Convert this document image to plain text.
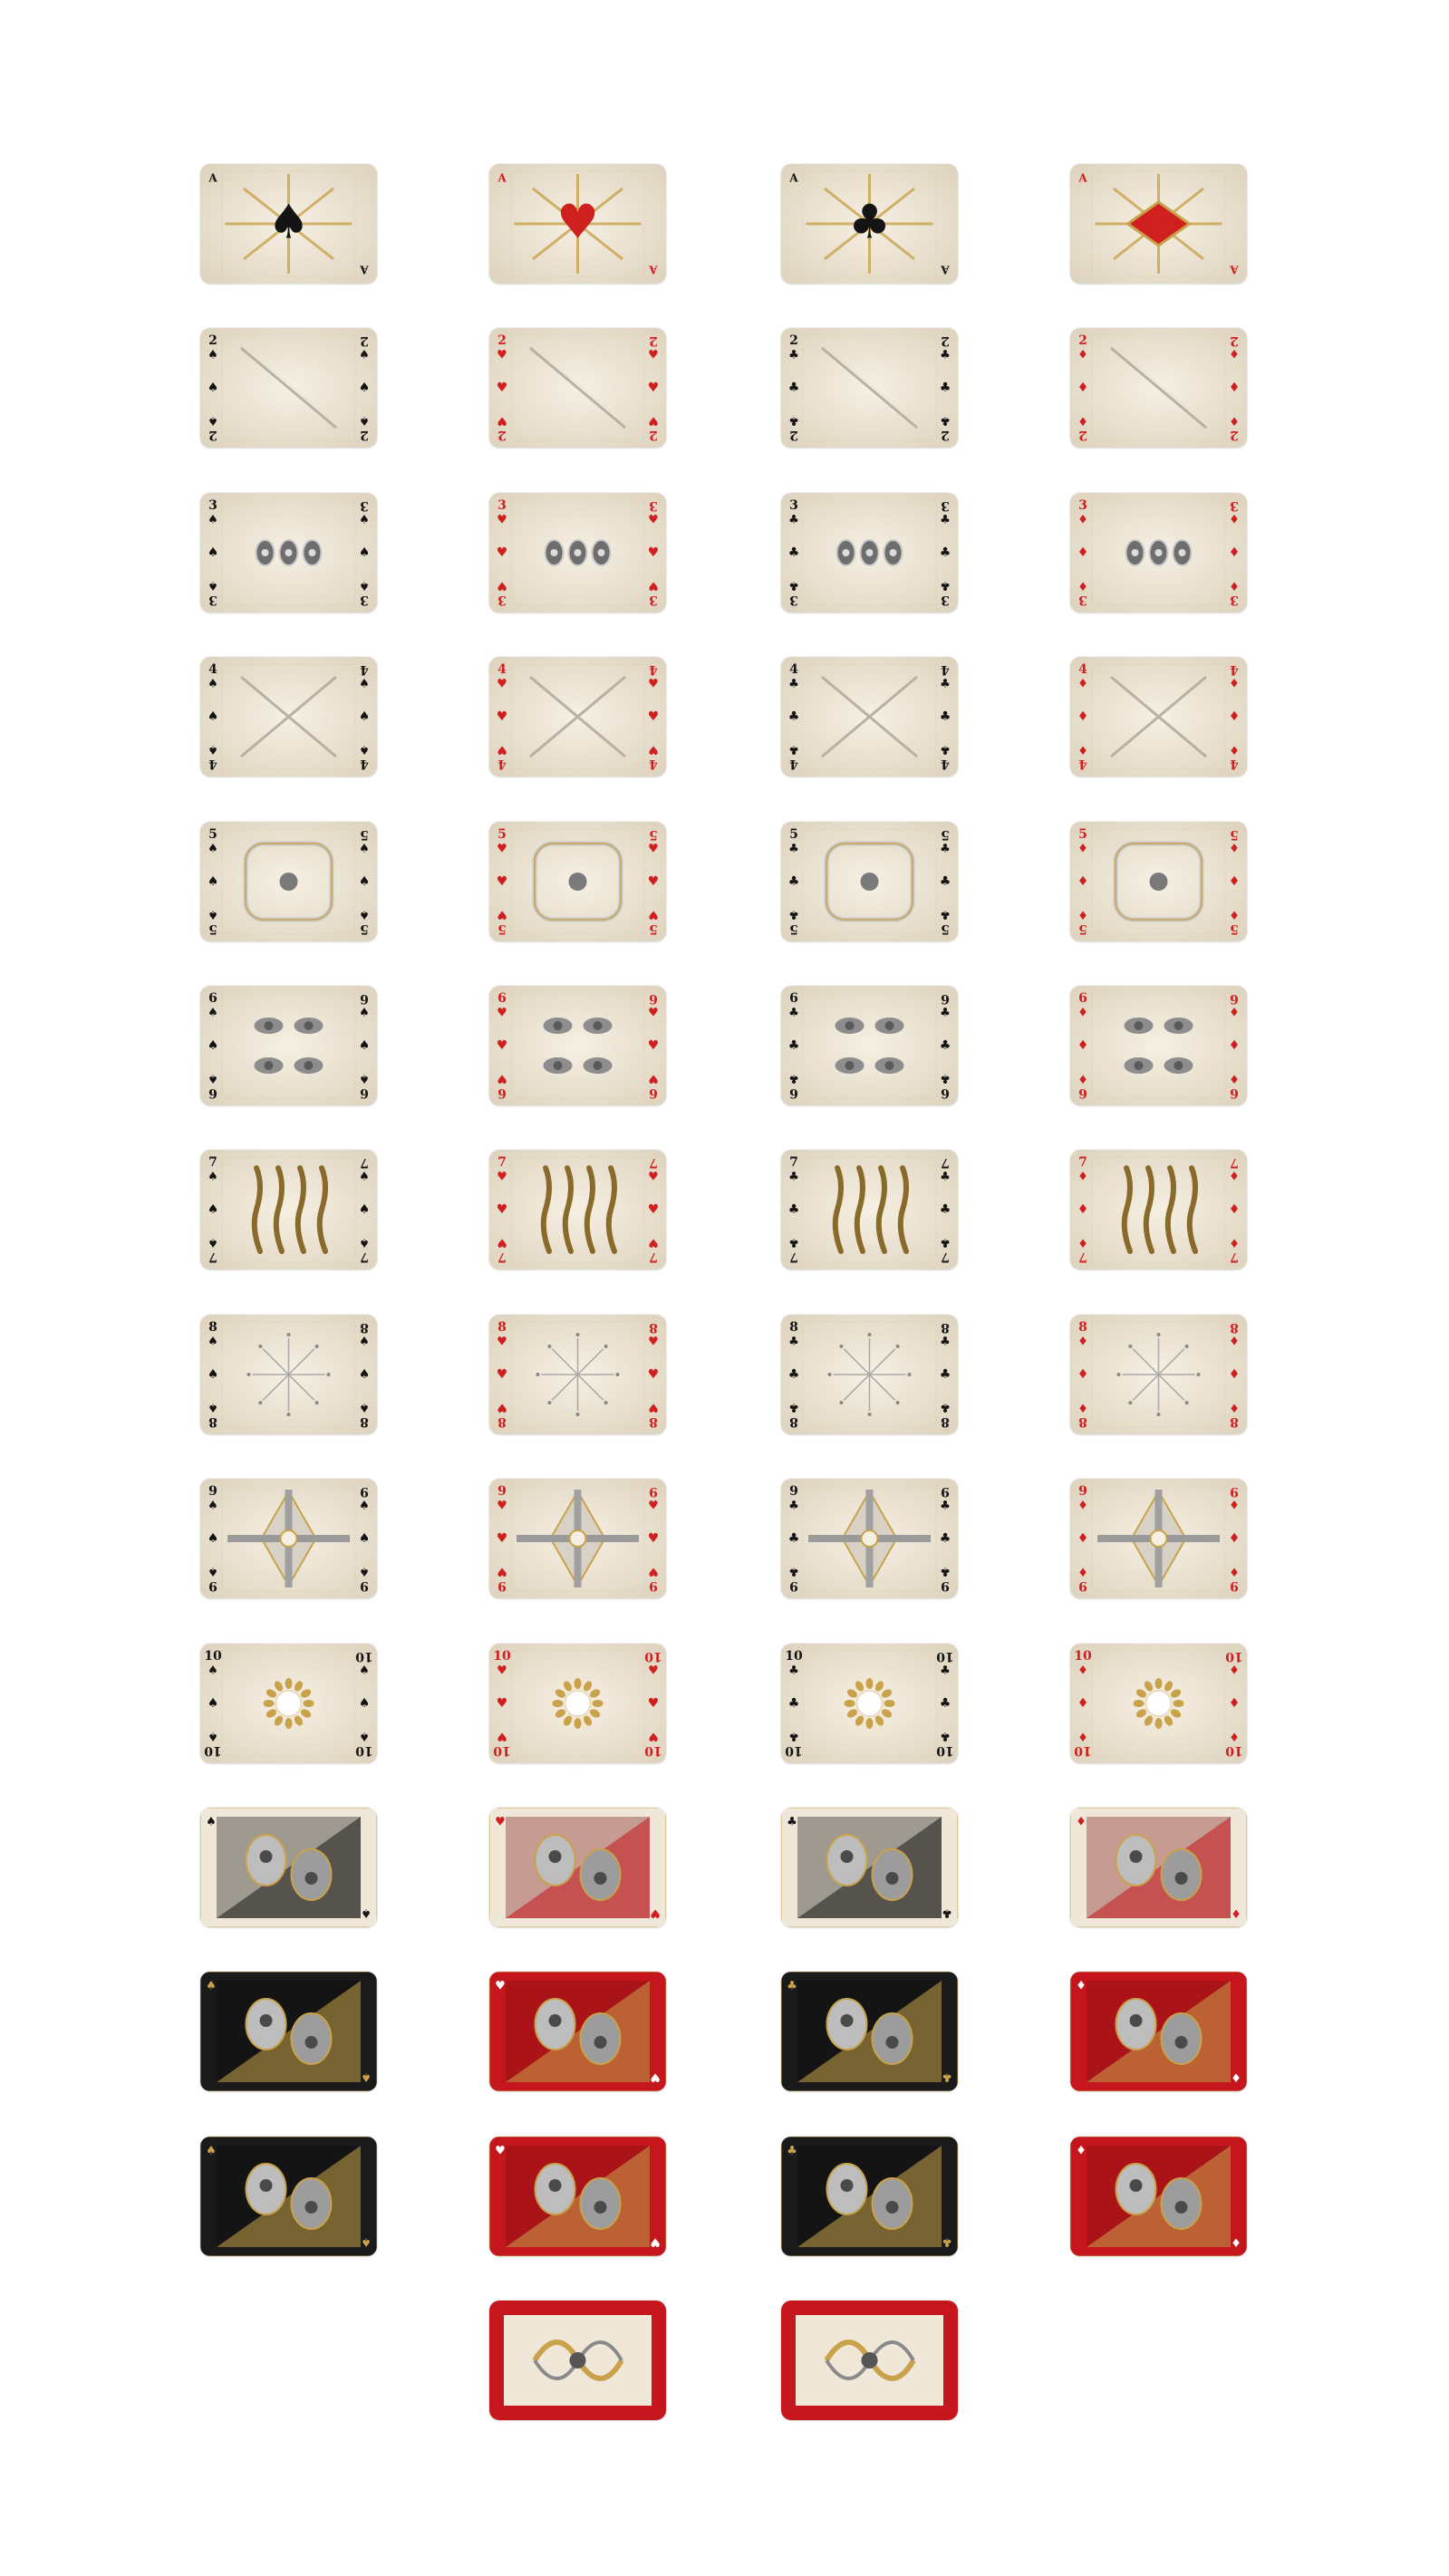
♠
A
A
♥
A
A
♣
A
A
A
A
2
♠
2
♠
2
♠
2
♠
♠	♠
2
♥
2
♥
2
♥
2
♥
♥	♥
2
♣
2
♣
2
♣
2
♣
♣	♣
2
♦
2
♦
2
♦
2
♦
♦	♦
3
♠
3
♠
3
♠
3
♠
♠	♠
3
♥
3
♥
3
♥
3
♥
♥	♥
3
♣
3
♣
3
♣
3
♣
♣	♣
3
♦
3
♦
3
♦
3
♦
♦	♦
4
♠
4
♠
4
♠
4
♠
♠	♠
4
♥
4
♥
4
♥
4
♥
♥	♥
4
♣
4
♣
4
♣
4
♣
♣	♣
4
♦
4
♦
4
♦
4
♦
♦	♦
5
♠
5
♠
5
♠
5
♠
♠	♠
5
♥
5
♥
5
♥
5
♥
♥	♥
5
♣
5
♣
5
♣
5
♣
♣	♣
5
♦
5
♦
5
♦
5
♦
♦	♦
6
♠
6
♠
6
♠
6
♠
♠	♠
6
♥
6
♥
6
♥
6
♥
♥	♥
6
♣
6
♣
6
♣
6
♣
♣	♣
6
♦
6
♦
6
♦
6
♦
♦	♦
7
♠
7
♠
7
♠
7
♠
♠	♠
7
♥
7
♥
7
♥
7
♥
♥	♥
7
♣
7
♣
7
♣
7
♣
♣	♣
7
♦
7
♦
7
♦
7
♦
♦	♦
8
♠
8
♠
8
♠
8
♠
♠	♠
8
♥
8
♥
8
♥
8
♥
♥	♥
8
♣
8
♣
8
♣
8
♣
♣	♣
8
♦
8
♦
8
♦
8
♦
♦	♦
9
♠
9
♠
9
♠
9
♠
♠	♠
9
♥
9
♥
9
♥
9
♥
♥	♥
9
♣
9
♣
9
♣
9
♣
♣	♣
9
♦
9
♦
9
♦
9
♦
♦	♦
10
♠
10
♠
10
♠
10
♠
♠	♠
10
♥
10
♥
10
♥
10
♥
♥	♥
10
♣
10
♣
10
♣
10
♣
♣	♣
10
♦
10
♦
10
♦
10
♦
♦	♦
♠
♠
♥
♥
♣
♣
♦
♦
♠
♠
♥
♥
♣
♣
♦
♦
♠
♠
♥
♥
♣
♣
♦
♦
